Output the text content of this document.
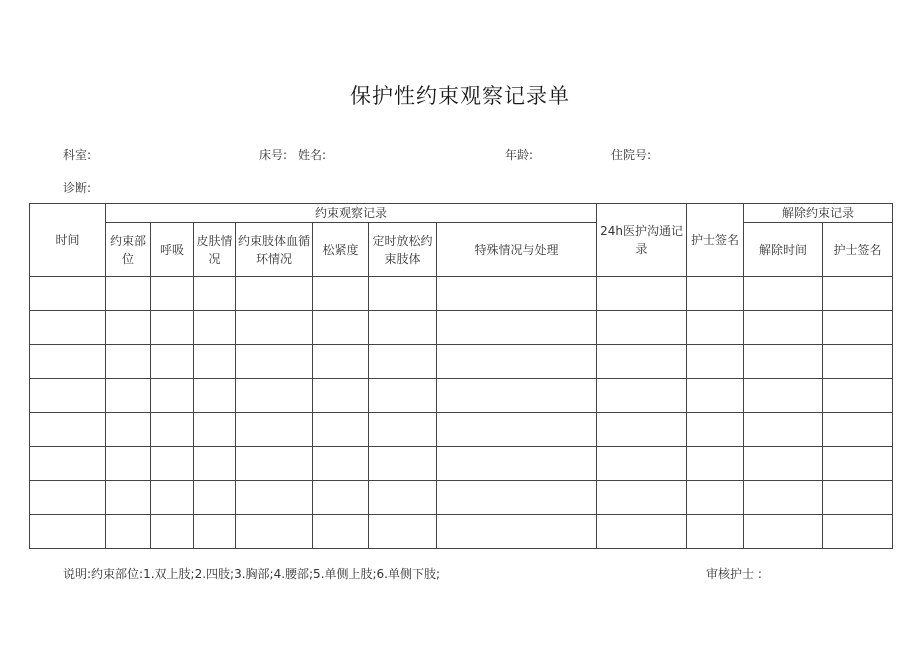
保护性约束观察记录单
科室:	床号: 姓名:	年龄:	住院号:
诊断:
时间	约束观察记录							24h医护沟通记录	护士签名	解除约束记录	
	约束部位	呼吸	皮肤情况	约束肢体血循环情况	松紧度	定时放松约束肢体	特殊情况与处理			解除时间	护士签名

说明:约束部位:1.双上肢;2.四肢;3.胸部;4.腰部;5.单侧上肢;6.单侧下肢;	审核护士 :
